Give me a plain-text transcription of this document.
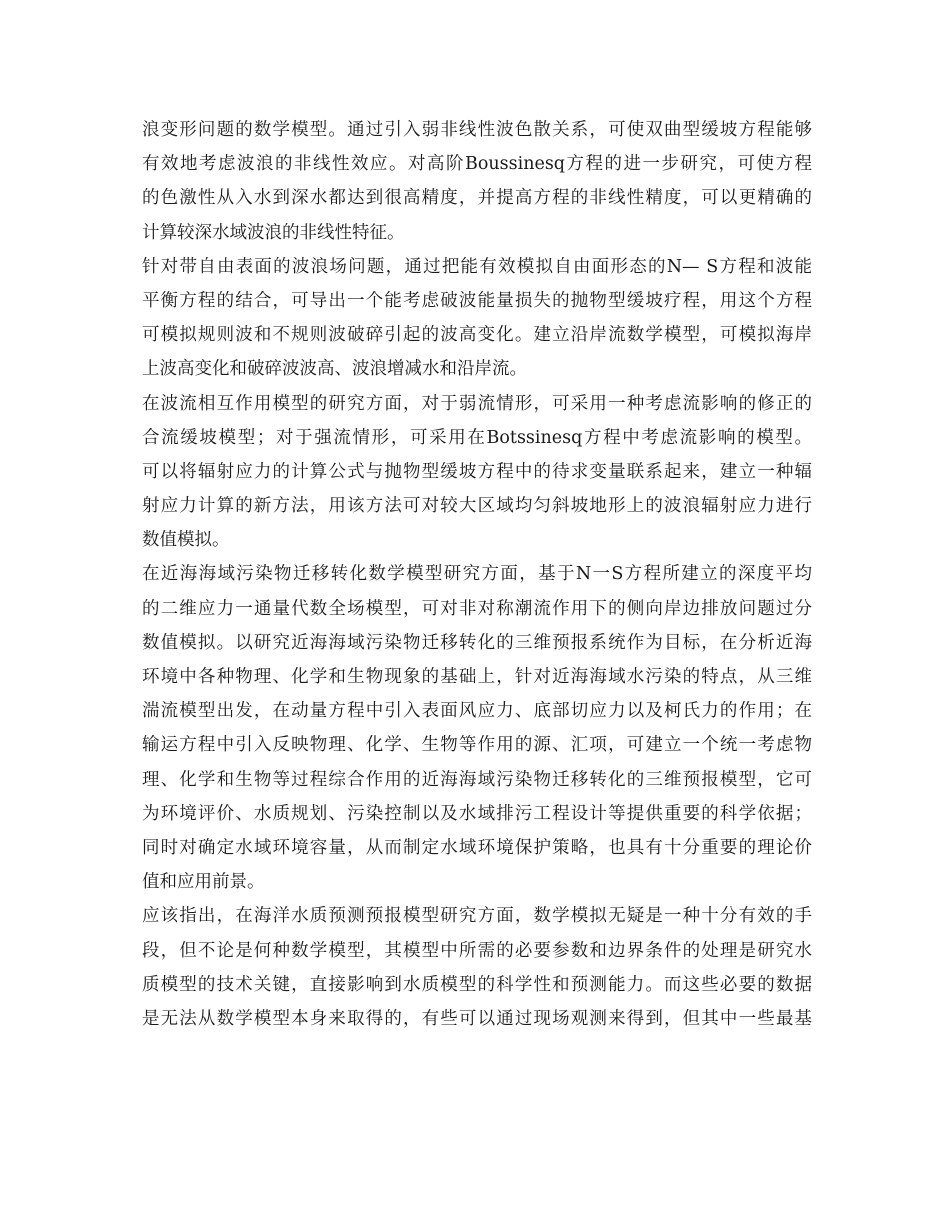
浪变形问题的数学模型。通过引入弱非线性波色散关系，可使双曲型缓坡方程能够
有效地考虑波浪的非线性效应。对高阶Boussinesq方程的进一步研究，可使方程
的色激性从入水到深水都达到很高精度，并提高方程的非线性精度，可以更精确的
计算较深水域波浪的非线性特征。
针对带自由表面的波浪场问题，通过把能有效模拟自由面形态的N— S方程和波能
平衡方程的结合，可导出一个能考虑破波能量损失的抛物型缓坡疗程，用这个方程
可模拟规则波和不规则波破碎引起的波高变化。建立沿岸流数学模型，可模拟海岸
上波高变化和破碎波波高、波浪增减水和沿岸流。
在波流相互作用模型的研究方面，对于弱流情形，可采用一种考虑流影响的修正的
合流缓坡模型；对于强流情形，可采用在Botssinesq方程中考虑流影响的模型。
可以将辐射应力的计算公式与抛物型缓坡方程中的待求变量联系起来，建立一种辐
射应力计算的新方法，用该方法可对较大区域均匀斜坡地形上的波浪辐射应力进行
数值模拟。
在近海海域污染物迁移转化数学模型研究方面，基于N一S方程所建立的深度平均
的二维应力一通量代数全场模型，可对非对称潮流作用下的侧向岸边排放问题过分
数值模拟。以研究近海海域污染物迁移转化的三维预报系统作为目标，在分析近海
环境中各种物理、化学和生物现象的基础上，针对近海海域水污染的特点，从三维
湍流模型出发，在动量方程中引入表面风应力、底部切应力以及柯氏力的作用；在
输运方程中引入反映物理、化学、生物等作用的源、汇项，可建立一个统一考虑物
理、化学和生物等过程综合作用的近海海域污染物迁移转化的三维预报模型，它可
为环境评价、水质规划、污染控制以及水域排污工程设计等提供重要的科学依据；
同时对确定水域环境容量，从而制定水域环境保护策略，也具有十分重要的理论价
值和应用前景。
应该指出，在海洋水质预测预报模型研究方面，数学模拟无疑是一种十分有效的手
段，但不论是何种数学模型，其模型中所需的必要参数和边界条件的处理是研究水
质模型的技术关键，直接影响到水质模型的科学性和预测能力。而这些必要的数据
是无法从数学模型本身来取得的，有些可以通过现场观测来得到，但其中一些最基
